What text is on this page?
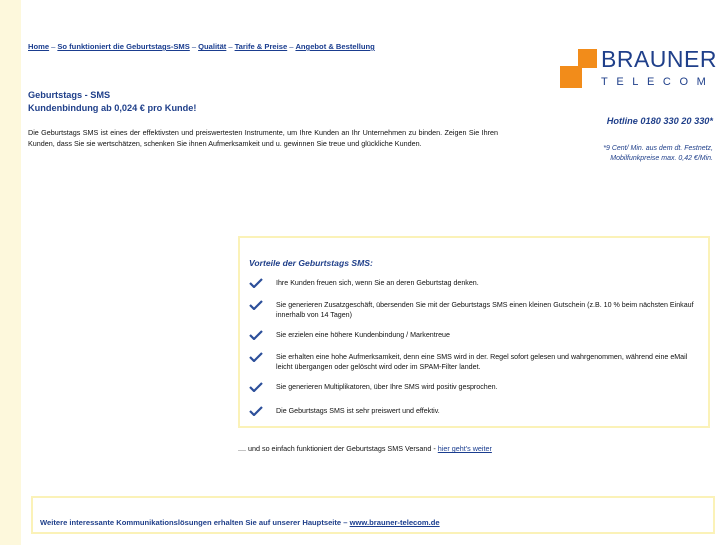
Home – So funktioniert die Geburtstags-SMS – Qualität – Tarife & Preise – Angebot & Bestellung	BRAUNER
TELECOM
Hotline 0180 330 20 330*
*9 Cent/ Min. aus dem dt. Festnetz,
Mobilfunkpreise max. 0,42 €/Min.
Geburtstags - SMS
Kundenbindung ab 0,024 € pro Kunde!
Die Geburtstags SMS ist eines der effektivsten und preiswertesten Instrumente, um Ihre Kunden an Ihr Unternehmen zu binden. Zeigen Sie Ihren Kunden, dass Sie sie wertschätzen, schenken Sie ihnen Aufmerksamkeit und u. gewinnen Sie treue und glückliche Kunden.
Vorteile der Geburtstags SMS:
Ihre Kunden freuen sich, wenn Sie an deren Geburtstag denken.
Sie generieren Zusatzgeschäft, übersenden Sie mit der Geburtstags SMS einen kleinen Gutschein (z.B. 10 % beim nächsten Einkauf innerhalb von 14 Tagen)
Sie erzielen eine höhere Kundenbindung / Markentreue
Sie erhalten eine hohe Aufmerksamkeit, denn eine SMS wird in der. Regel sofort gelesen und wahrgenommen, während eine eMail leicht übergangen oder gelöscht wird oder im SPAM-Filter landet.
Sie generieren Multiplikatoren, über Ihre SMS wird positiv gesprochen.
Die Geburtstags SMS ist sehr preiswert und effektiv.
.... und so einfach funktioniert der Geburtstags SMS Versand - hier geht's weiter
Weitere interessante Kommunikationslösungen erhalten Sie auf unserer Hauptseite – www.brauner-telecom.de
